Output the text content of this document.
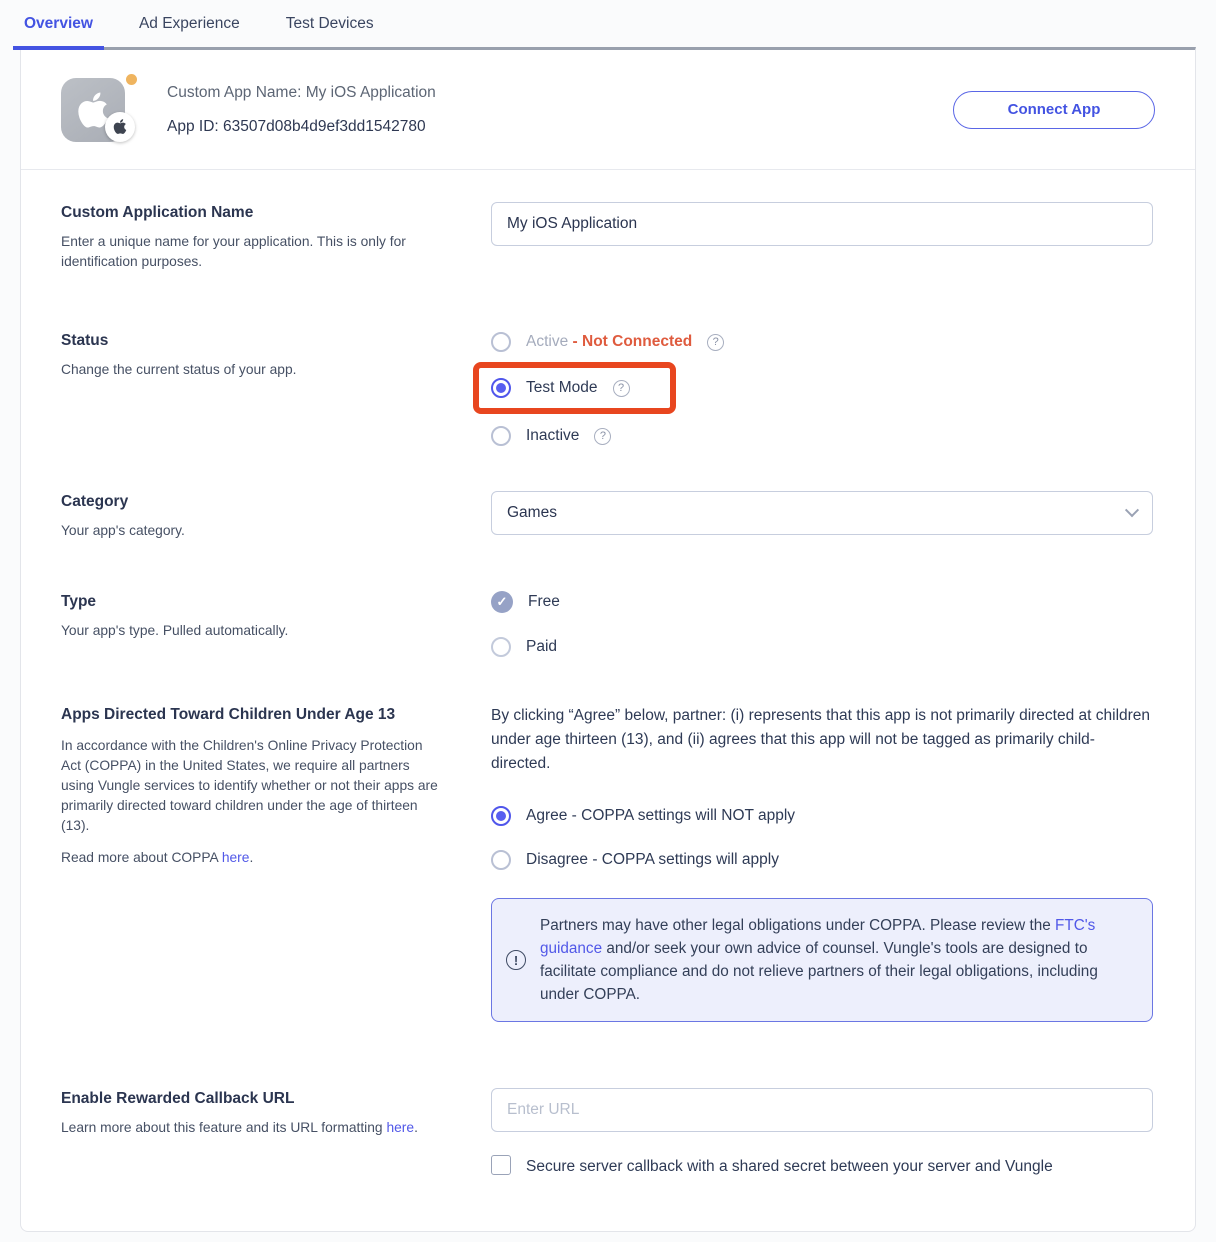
Overview	Ad Experience	Test Devices
Custom App Name: My iOS Application
App ID: 63507d08b4d9ef3dd1542780
Connect App
Custom Application Name
Enter a unique name for your application. This is only for identification purposes.
My iOS Application
Status
Change the current status of your app.
Active - Not Connected
?
Test Mode
?
Inactive
?
Category
Your app's category.
Games
Type
Your app's type. Pulled automatically.
✓	Free
Paid
Apps Directed Toward Children Under Age 13
In accordance with the Children's Online Privacy Protection Act (COPPA) in the United States, we require all partners using Vungle services to identify whether or not their apps are primarily directed toward children under the age of thirteen (13).
Read more about COPPA here.
By clicking “Agree” below, partner: (i) represents that this app is not primarily directed at children under age thirteen (13), and (ii) agrees that this app will not be tagged as primarily child-directed.
Agree - COPPA settings will NOT apply
Disagree - COPPA settings will apply
!
Partners may have other legal obligations under COPPA. Please review the FTC's guidance and/or seek your own advice of counsel. Vungle's tools are designed to facilitate compliance and do not relieve partners of their legal obligations, including under COPPA.
Enable Rewarded Callback URL
Learn more about this feature and its URL formatting here.
Enter URL
Secure server callback with a shared secret between your server and Vungle
